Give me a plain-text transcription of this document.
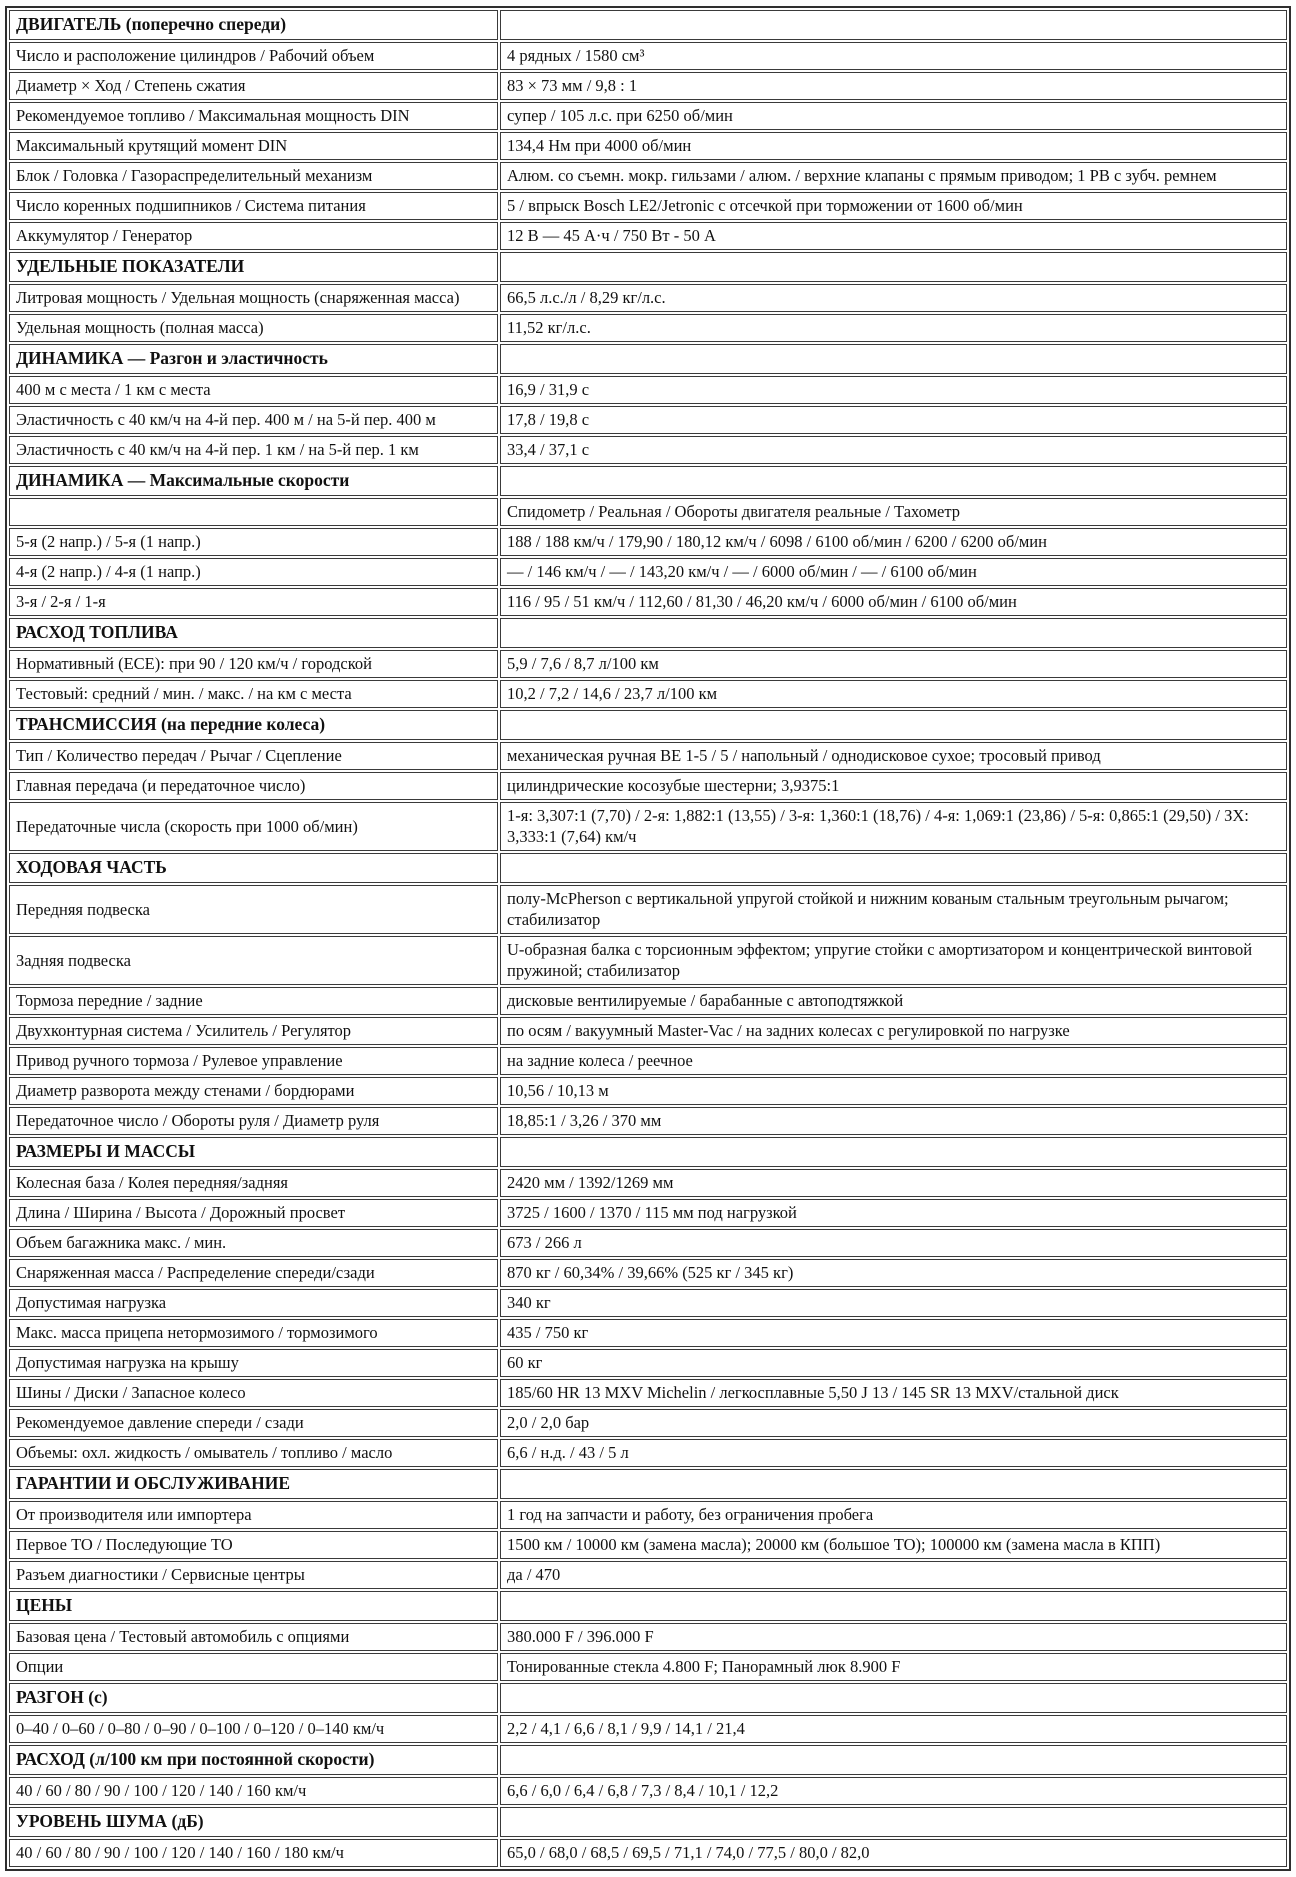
ДВИГАТЕЛЬ (поперечно спереди)	
Число и расположение цилиндров / Рабочий объем	4 рядных / 1580 см³
Диаметр × Ход / Степень сжатия	83 × 73 мм / 9,8 : 1
Рекомендуемое топливо / Максимальная мощность DIN	супер / 105 л.с. при 6250 об/мин
Максимальный крутящий момент DIN	134,4 Нм при 4000 об/мин
Блок / Головка / Газораспределительный механизм	Алюм. со съемн. мокр. гильзами / алюм. / верхние клапаны с прямым приводом; 1 РВ с зубч. ремнем
Число коренных подшипников / Система питания	5 / впрыск Bosch LE2/Jetronic с отсечкой при торможении от 1600 об/мин
Аккумулятор / Генератор	12 В — 45 А·ч / 750 Вт - 50 А
УДЕЛЬНЫЕ ПОКАЗАТЕЛИ	
Литровая мощность / Удельная мощность (снаряженная масса)	66,5 л.с./л / 8,29 кг/л.с.
Удельная мощность (полная масса)	11,52 кг/л.с.
ДИНАМИКА — Разгон и эластичность	
400 м с места / 1 км с места	16,9 / 31,9 с
Эластичность с 40 км/ч на 4-й пер. 400 м / на 5-й пер. 400 м	17,8 / 19,8 с
Эластичность с 40 км/ч на 4-й пер. 1 км / на 5-й пер. 1 км	33,4 / 37,1 с
ДИНАМИКА — Максимальные скорости	
	Спидометр / Реальная / Обороты двигателя реальные / Тахометр
5-я (2 напр.) / 5-я (1 напр.)	188 / 188 км/ч / 179,90 / 180,12 км/ч / 6098 / 6100 об/мин / 6200 / 6200 об/мин
4-я (2 напр.) / 4-я (1 напр.)	— / 146 км/ч / — / 143,20 км/ч / — / 6000 об/мин / — / 6100 об/мин
3-я / 2-я / 1-я	116 / 95 / 51 км/ч / 112,60 / 81,30 / 46,20 км/ч / 6000 об/мин / 6100 об/мин
РАСХОД ТОПЛИВА	
Нормативный (ЕСЕ): при 90 / 120 км/ч / городской	5,9 / 7,6 / 8,7 л/100 км
Тестовый: средний / мин. / макс. / на км с места	10,2 / 7,2 / 14,6 / 23,7 л/100 км
ТРАНСМИССИЯ (на передние колеса)	
Тип / Количество передач / Рычаг / Сцепление	механическая ручная BE 1-5 / 5 / напольный / однодисковое сухое; тросовый привод
Главная передача (и передаточное число)	цилиндрические косозубые шестерни; 3,9375:1
Передаточные числа (скорость при 1000 об/мин)	1-я: 3,307:1 (7,70) / 2-я: 1,882:1 (13,55) / 3-я: 1,360:1 (18,76) / 4-я: 1,069:1 (23,86) / 5-я: 0,865:1 (29,50) / ЗХ: 3,333:1 (7,64) км/ч
ХОДОВАЯ ЧАСТЬ	
Передняя подвеска	полу-McPherson с вертикальной упругой стойкой и нижним кованым стальным треугольным рычагом; стабилизатор
Задняя подвеска	U-образная балка с торсионным эффектом; упругие стойки с амортизатором и концентрической винтовой пружиной; стабилизатор
Тормоза передние / задние	дисковые вентилируемые / барабанные с автоподтяжкой
Двухконтурная система / Усилитель / Регулятор	по осям / вакуумный Master-Vac / на задних колесах с регулировкой по нагрузке
Привод ручного тормоза / Рулевое управление	на задние колеса / реечное
Диаметр разворота между стенами / бордюрами	10,56 / 10,13 м
Передаточное число / Обороты руля / Диаметр руля	18,85:1 / 3,26 / 370 мм
РАЗМЕРЫ И МАССЫ	
Колесная база / Колея передняя/задняя	2420 мм / 1392/1269 мм
Длина / Ширина / Высота / Дорожный просвет	3725 / 1600 / 1370 / 115 мм под нагрузкой
Объем багажника макс. / мин.	673 / 266 л
Снаряженная масса / Распределение спереди/сзади	870 кг / 60,34% / 39,66% (525 кг / 345 кг)
Допустимая нагрузка	340 кг
Макс. масса прицепа нетормозимого / тормозимого	435 / 750 кг
Допустимая нагрузка на крышу	60 кг
Шины / Диски / Запасное колесо	185/60 HR 13 MXV Michelin / легкосплавные 5,50 J 13 / 145 SR 13 MXV/стальной диск
Рекомендуемое давление спереди / сзади	2,0 / 2,0 бар
Объемы: охл. жидкость / омыватель / топливо / масло	6,6 / н.д. / 43 / 5 л
ГАРАНТИИ И ОБСЛУЖИВАНИЕ	
От производителя или импортера	1 год на запчасти и работу, без ограничения пробега
Первое ТО / Последующие ТО	1500 км / 10000 км (замена масла); 20000 км (большое ТО); 100000 км (замена масла в КПП)
Разъем диагностики / Сервисные центры	да / 470
ЦЕНЫ	
Базовая цена / Тестовый автомобиль с опциями	380.000 F / 396.000 F
Опции	Тонированные стекла 4.800 F; Панорамный люк 8.900 F
РАЗГОН (с)	
0–40 / 0–60 / 0–80 / 0–90 / 0–100 / 0–120 / 0–140 км/ч	2,2 / 4,1 / 6,6 / 8,1 / 9,9 / 14,1 / 21,4
РАСХОД (л/100 км при постоянной скорости)	
40 / 60 / 80 / 90 / 100 / 120 / 140 / 160 км/ч	6,6 / 6,0 / 6,4 / 6,8 / 7,3 / 8,4 / 10,1 / 12,2
УРОВЕНЬ ШУМА (дБ)	
40 / 60 / 80 / 90 / 100 / 120 / 140 / 160 / 180 км/ч	65,0 / 68,0 / 68,5 / 69,5 / 71,1 / 74,0 / 77,5 / 80,0 / 82,0
